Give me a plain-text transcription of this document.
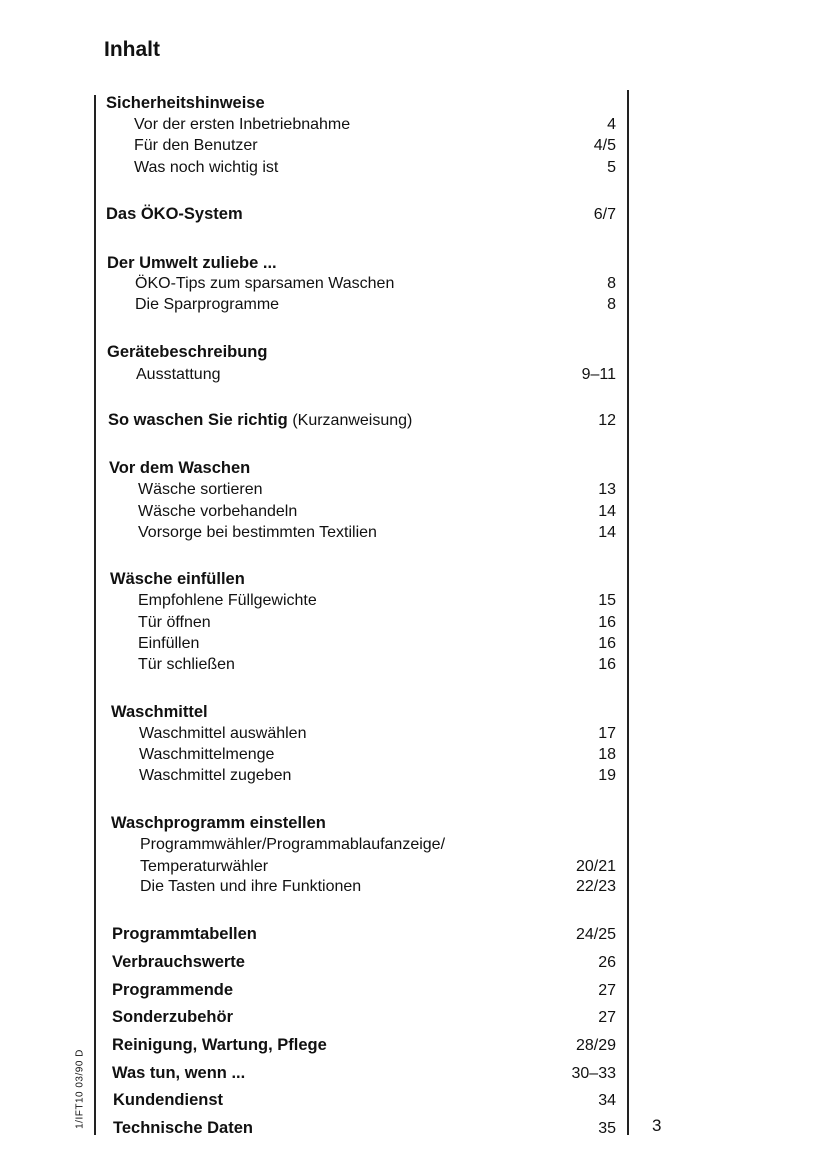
Inhalt
Sicherheitshinweise
Vor der ersten Inbetriebnahme	4
Für den Benutzer	4/5
Was noch wichtig ist	5
Das ÖKO-System	6/7
Der Umwelt zuliebe ...
ÖKO-Tips zum sparsamen Waschen	8
Die Sparprogramme	8
Gerätebeschreibung
Ausstattung	9–11
So waschen Sie richtig (Kurzanweisung)	12
Vor dem Waschen
Wäsche sortieren	13
Wäsche vorbehandeln	14
Vorsorge bei bestimmten Textilien	14
Wäsche einfüllen
Empfohlene Füllgewichte	15
Tür öffnen	16
Einfüllen	16
Tür schließen	16
Waschmittel
Waschmittel auswählen	17
Waschmittelmenge	18
Waschmittel zugeben	19
Waschprogramm einstellen
Programmwähler/Programmablaufanzeige/
Temperaturwähler	20/21
Die Tasten und ihre Funktionen	22/23
Programmtabellen	24/25
Verbrauchswerte	26
Programmende	27
Sonderzubehör	27
Reinigung, Wartung, Pflege	28/29
Was tun, wenn ...	30–33
Kundendienst	34
Technische Daten	35 3
1/IFT10 03/90 D
